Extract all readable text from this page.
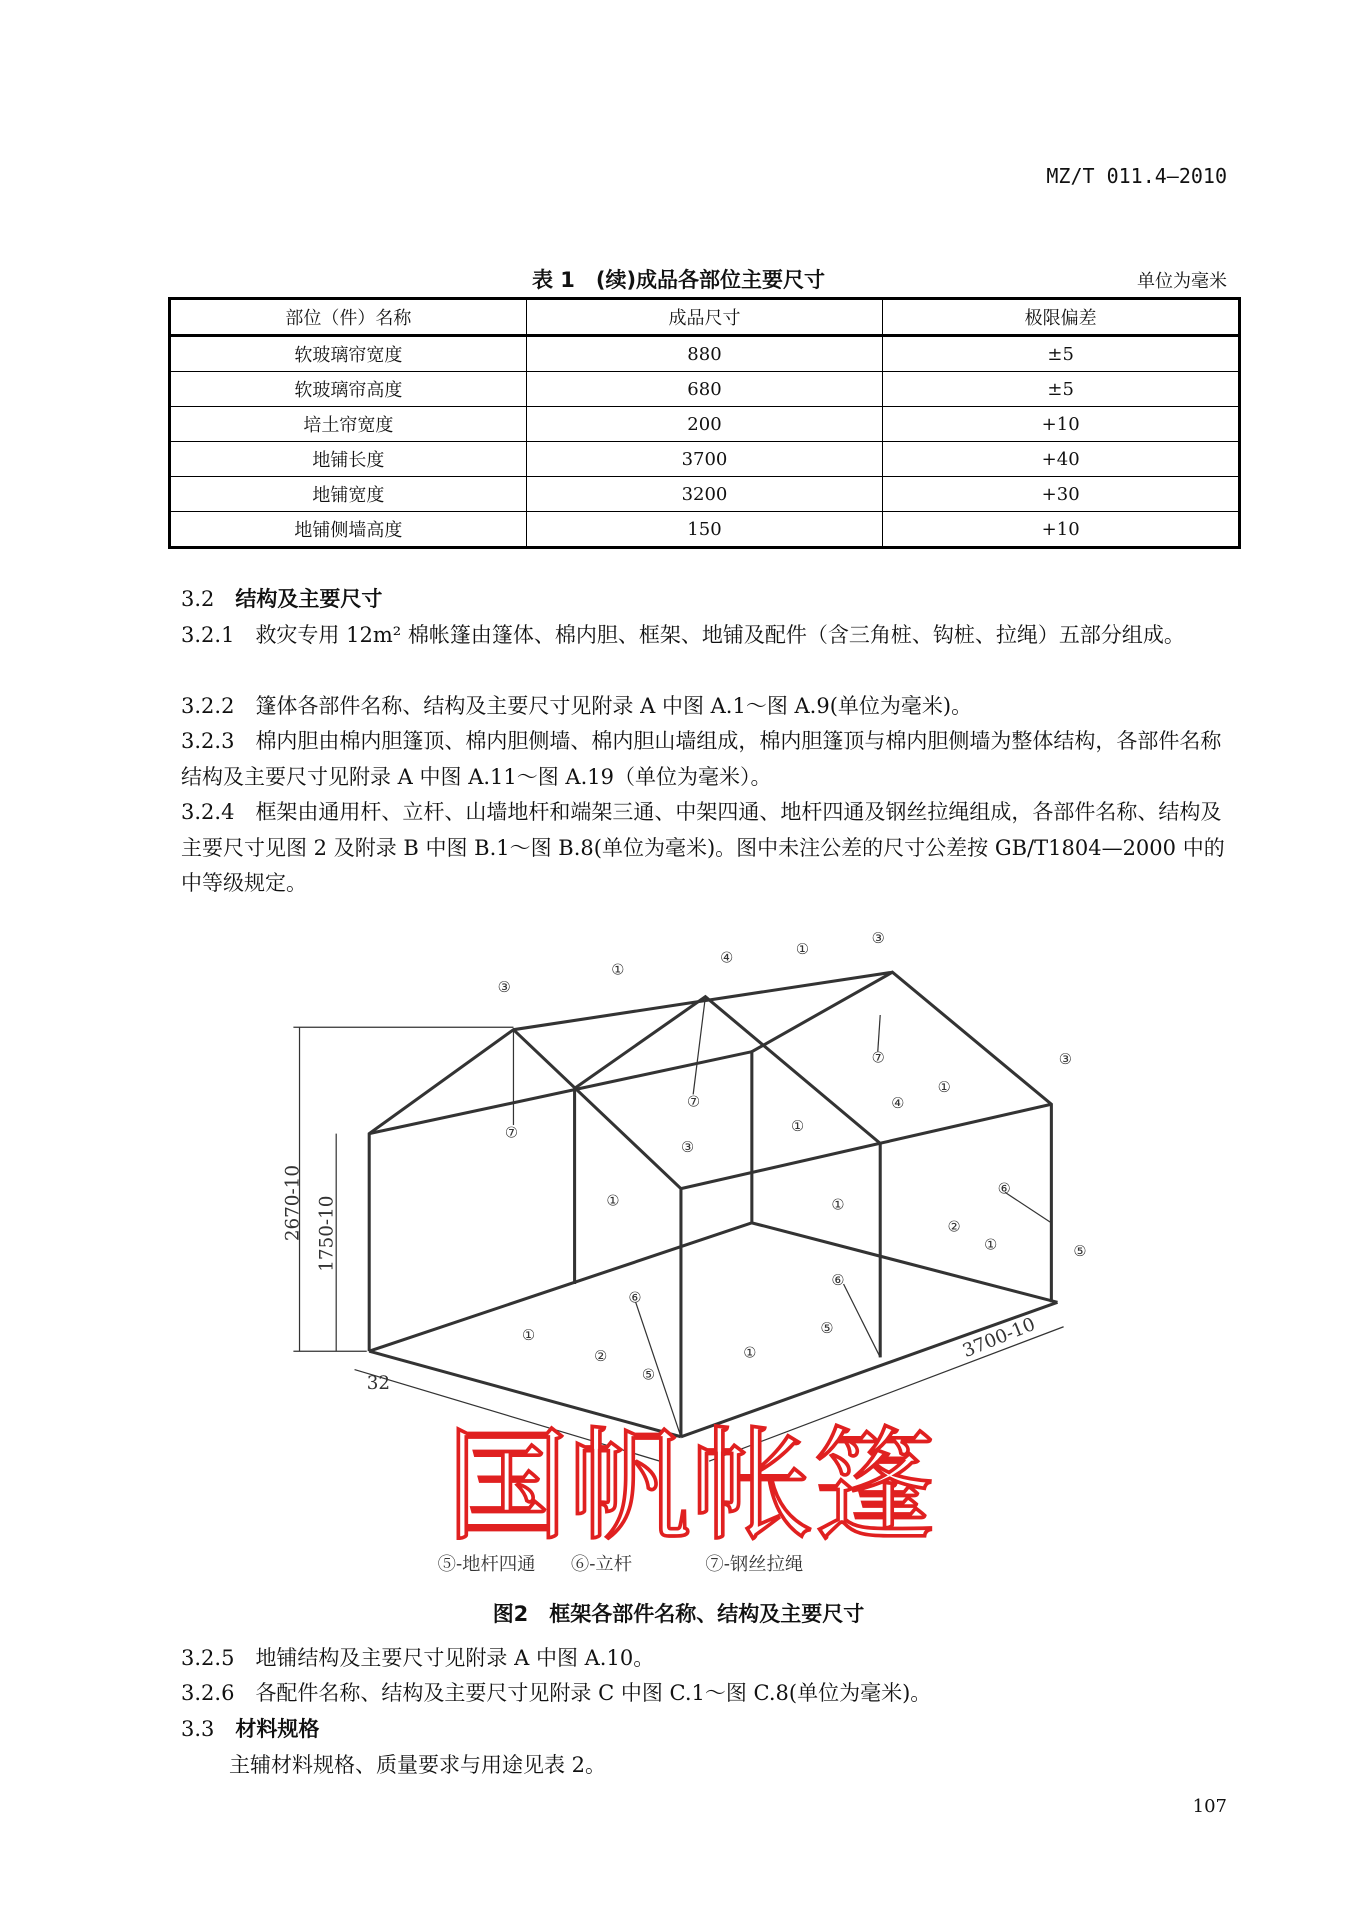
MZ/T 011.4—2010
表 1　(续)成品各部位主要尺寸	单位为毫米
部位（件）名称	成品尺寸	极限偏差
软玻璃帘宽度	880	±5
软玻璃帘高度	680	±5
培土帘宽度	200	+10
地铺长度	3700	+40
地铺宽度	3200	+30
地铺侧墙高度	150	+10
3.2　 结构及主要尺寸
3.2.1　 救灾专用 12m² 棉帐篷由篷体、棉内胆、框架、地铺及配件（含三角桩、钩桩、拉绳）五部分组成。
3.2.2　 篷体各部件名称、结构及主要尺寸见附录 A 中图 A.1～图 A.9(单位为毫米)。
3.2.3　 棉内胆由棉内胆篷顶、棉内胆侧墙、棉内胆山墙组成，棉内胆篷顶与棉内胆侧墙为整体结构，各部件名称结构及主要尺寸见附录 A 中图 A.11～图 A.19（单位为毫米）。
3.2.4　 框架由通用杆、立杆、山墙地杆和端架三通、中架四通、地杆四通及钢丝拉绳组成，各部件名称、结构及主要尺寸见图 2 及附录 B 中图 B.1～图 B.8(单位为毫米)。图中未注公差的尺寸公差按 GB/T1804—2000 中的中等级规定。
2670-10 1750-10
3700-10
32
⑤-地杆四通 ⑥-立杆	⑦-钢丝拉绳
③
①
④
①
③
⑦
⑦
⑦	③
③
①
④
①
①	①
②
⑥
①	⑤
⑥
⑥
⑤
①
②	①
⑤
国帆帐篷
图2　框架各部件名称、结构及主要尺寸
3.2.5　 地铺结构及主要尺寸见附录 A 中图 A.10。
3.2.6　 各配件名称、结构及主要尺寸见附录 C 中图 C.1～图 C.8(单位为毫米)。
3.3　 材料规格
主辅材料规格、质量要求与用途见表 2。
107
